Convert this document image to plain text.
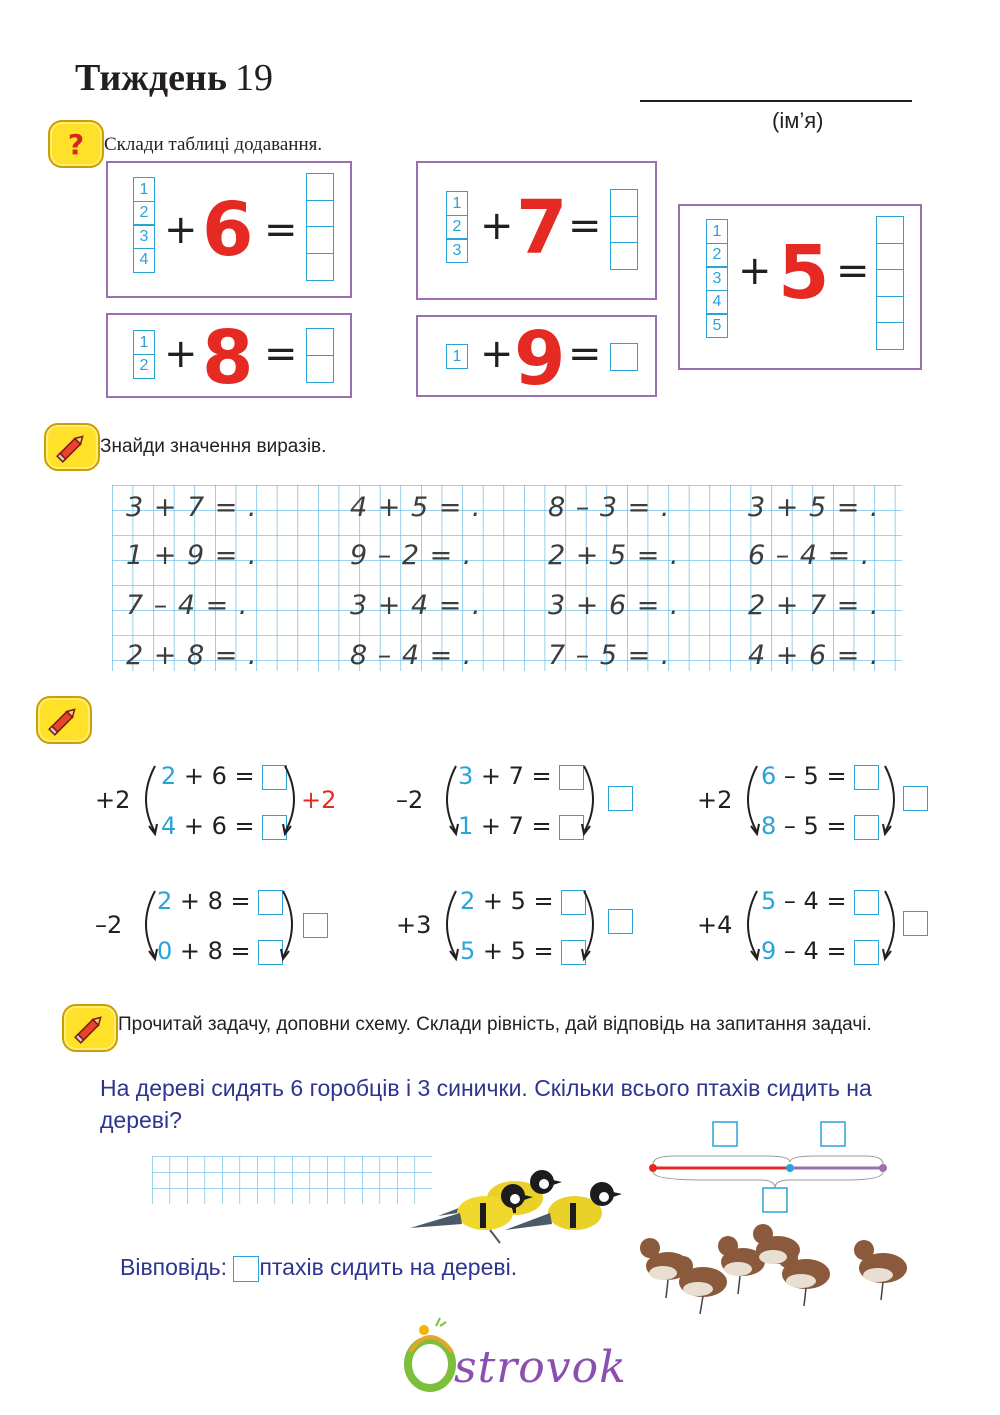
Тиждень 19
(ім’я)
? Склади таблиці додавання.
1
2
3
4
+ 6 =
1
2
3
+ 7 =	1
2
3
4
5
+ 5 =
1
2 + 8 =	1 + 9 =
Знайди значення виразів.
3 + 7 = .	4 + 5 = . 8 – 3 = .	3 + 5 = .
1 + 9 = .	9 – 2 = .	2 + 5 = .	6 – 4 = .
7 – 4 = .	3 + 4 = . 3 + 6 = .	2 + 7 = .
2 + 8 = .	8 – 4 = .	7 – 5 = .	4 + 6 = .
+2
2 + 6 =
4 + 6 =
+2 –2
3 + 7 =
1 + 7 =
+2
6 – 5 =
8 – 5 =
–2
2 + 8 =
0 + 8 =
+3
2 + 5 =
5 + 5 =
+4
5 – 4 =
9 – 4 =
Прочитай задачу, доповни схему. Склади рівність, дай відповідь на запитання задачі.
На дереві сидять 6 горобців і 3 синички. Скільки всього птахів сидить на дереві?
Вівповідь: птахів сидить на дереві.
strovok
